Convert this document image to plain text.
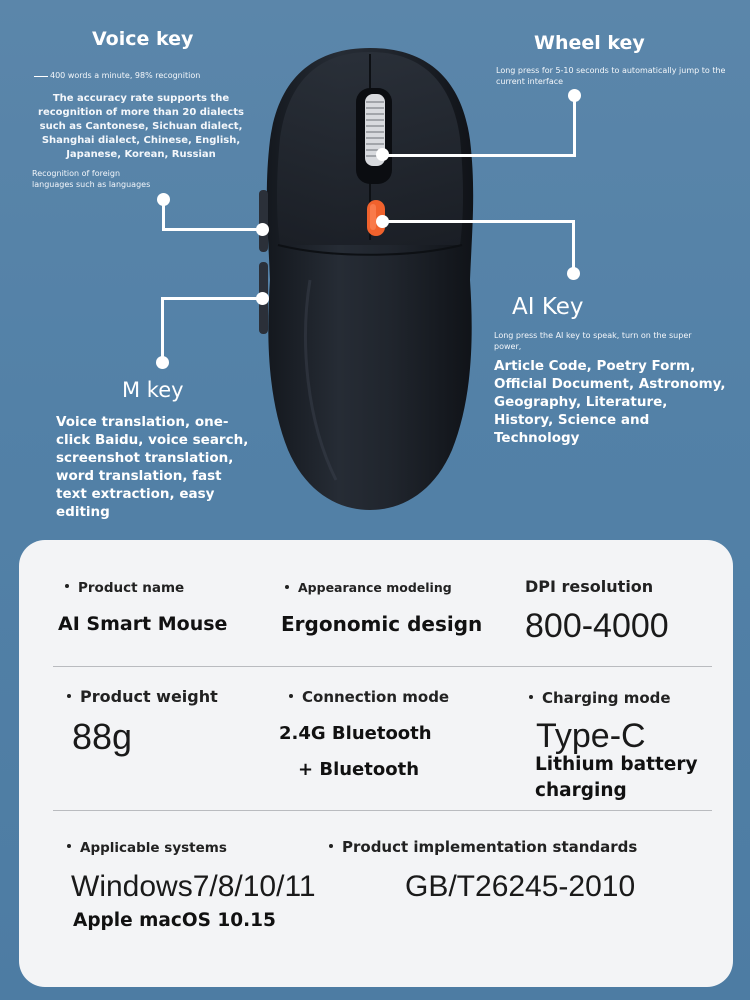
Voice key
400 words a minute, 98% recognition
The accuracy rate supports the recognition of more than 20 dialects such as Cantonese, Sichuan dialect, Shanghai dialect, Chinese, English, Japanese, Korean, Russian
Recognition of foreign languages such as languages
Wheel key
Long press for 5-10 seconds to automatically jump to the current interface
AI Key
Long press the AI key to speak, turn on the super power,
Article Code, Poetry Form, Official Document, Astronomy, Geography, Literature, History, Science and Technology
M key
Voice translation, one-click Baidu, voice search, screenshot translation, word translation, fast text extraction, easy editing
Product name
AI Smart Mouse
Appearance modeling
Ergonomic design
DPI resolution
800-4000
Product weight
88g
Connection mode
2.4G Bluetooth
+ Bluetooth
Charging mode
Type-C
Lithium battery charging
Applicable systems
Windows7/8/10/11
Apple macOS 10.15
Product implementation standards
GB/T26245-2010
